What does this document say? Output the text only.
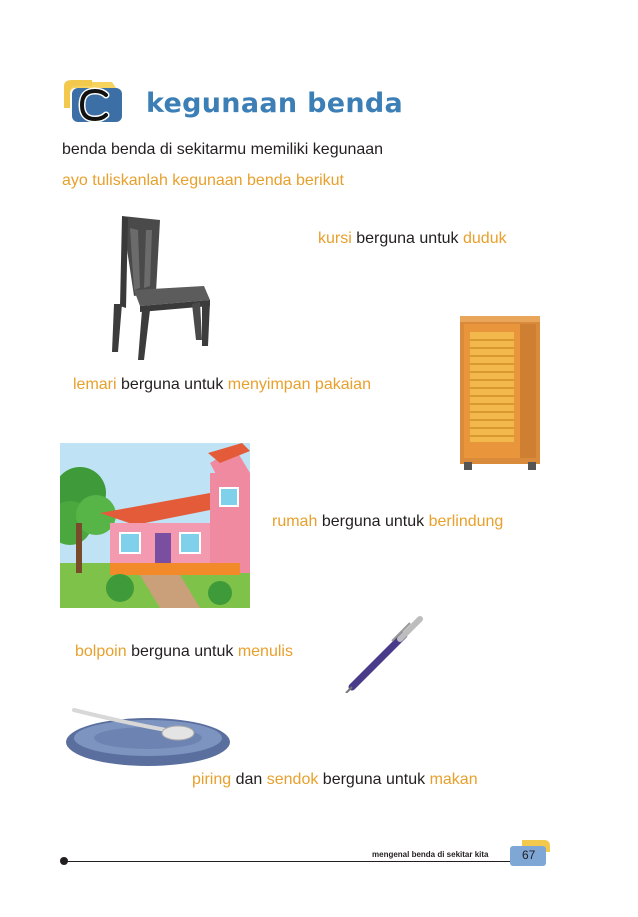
kegunaan benda
benda benda di sekitarmu memiliki kegunaan
ayo tuliskanlah kegunaan benda berikut
kursi berguna untuk duduk
lemari berguna untuk menyimpan pakaian
rumah berguna untuk berlindung
bolpoin berguna untuk menulis
piring dan sendok berguna untuk makan
mengenal benda di sekitar kita	67
